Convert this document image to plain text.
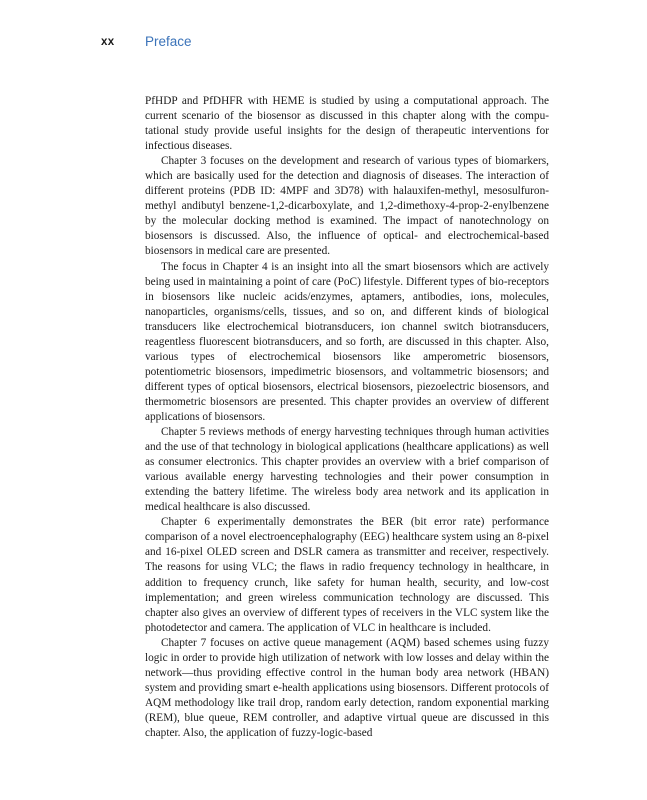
xx Preface

PfHDP and PfDHFR with HEME is studied by using a computational approach. The current scenario of the biosensor as discussed in this chapter along with the computational study provide useful insights for the design of therapeutic interventions for infectious diseases.

Chapter 3 focuses on the development and research of various types of biomarkers, which are basically used for the detection and diagnosis of diseases. The interaction of different proteins (PDB ID: 4MPF and 3D78) with halauxifen-methyl, mesosulfuron-methyl andibutyl benzene-1,2-dicarboxylate, and 1,2-dimethoxy-4-prop-2-enylbenzene by the molecular docking method is examined. The impact of nanotechnology on biosensors is discussed. Also, the influence of optical- and electrochemical-based biosensors in medical care are presented.

The focus in Chapter 4 is an insight into all the smart biosensors which are actively being used in maintaining a point of care (PoC) lifestyle. Different types of bio-receptors in biosensors like nucleic acids/enzymes, aptamers, antibodies, ions, molecules, nanoparticles, organisms/cells, tissues, and so on, and different kinds of biological transducers like electrochemical biotransducers, ion channel switch biotransducers, reagentless fluorescent biotransducers, and so forth, are discussed in this chapter. Also, various types of electrochemical biosensors like amperometric biosensors, potentiometric biosensors, impedimetric biosensors, and voltammetric biosensors; and different types of optical biosensors, electrical biosensors, piezoelectric biosensors, and thermometric biosensors are presented. This chapter provides an overview of different applications of biosensors.

Chapter 5 reviews methods of energy harvesting techniques through human activities and the use of that technology in biological applications (healthcare applications) as well as consumer electronics. This chapter provides an overview with a brief comparison of various available energy harvesting technologies and their power consumption in extending the battery lifetime. The wireless body area network and its application in medical healthcare is also discussed.

Chapter 6 experimentally demonstrates the BER (bit error rate) performance comparison of a novel electroencephalography (EEG) healthcare system using an 8-pixel and 16-pixel OLED screen and DSLR camera as transmitter and receiver, respectively. The reasons for using VLC; the flaws in radio frequency technology in healthcare, in addition to frequency crunch, like safety for human health, security, and low-cost implementation; and green wireless communication technology are discussed. This chapter also gives an overview of different types of receivers in the VLC system like the photodetector and camera. The application of VLC in healthcare is included.

Chapter 7 focuses on active queue management (AQM) based schemes using fuzzy logic in order to provide high utilization of network with low losses and delay within the network—thus providing effective control in the human body area network (HBAN) system and providing smart e-health applications using biosensors. Different protocols of AQM methodology like trail drop, random early detection, random exponential marking (REM), blue queue, REM controller, and adaptive virtual queue are discussed in this chapter. Also, the application of fuzzy-logic-based
